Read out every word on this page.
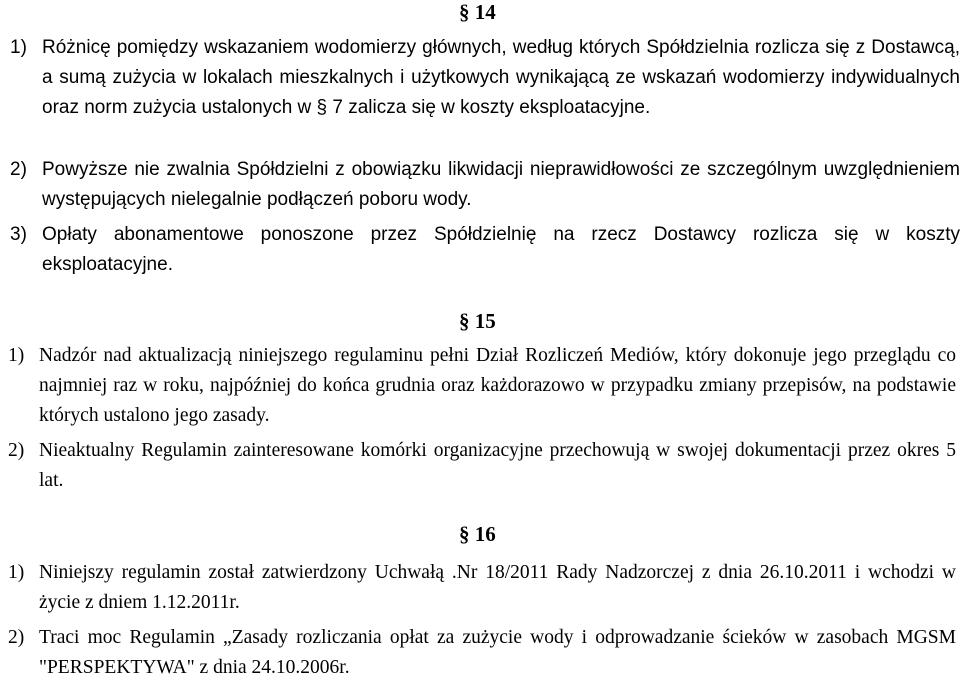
§ 14
1) Różnicę pomiędzy wskazaniem wodomierzy głównych, według których Spółdzielnia rozlicza się z Dostawcą, a sumą zużycia w lokalach mieszkalnych i użytkowych wynikającą ze wskazań wodomierzy indywidualnych oraz norm zużycia ustalonych w § 7 zalicza się w koszty eksploatacyjne.
2) Powyższe nie zwalnia Spółdzielni z obowiązku likwidacji nieprawidłowości ze szczególnym uwzględnieniem występujących nielegalnie podłączeń poboru wody.
3) Opłaty abonamentowe ponoszone przez Spółdzielnię na rzecz Dostawcy rozlicza się w koszty eksploatacyjne.
§ 15
1) Nadzór nad aktualizacją niniejszego regulaminu pełni Dział Rozliczeń Mediów, który dokonuje jego przeglądu co najmniej raz w roku, najpóźniej do końca grudnia oraz każdorazowo w przypadku zmiany przepisów, na podstawie których ustalono jego zasady.
2) Nieaktualny Regulamin zainteresowane komórki organizacyjne przechowują w swojej dokumentacji przez okres 5 lat.
§ 16
1) Niniejszy regulamin został zatwierdzony Uchwałą .Nr 18/2011 Rady Nadzorczej z dnia 26.10.2011 i wchodzi w życie z dniem 1.12.2011r.
2) Traci moc Regulamin „Zasady rozliczania opłat za zużycie wody i odprowadzanie ścieków w zasobach MGSM "PERSPEKTYWA" z dnia 24.10.2006r.
